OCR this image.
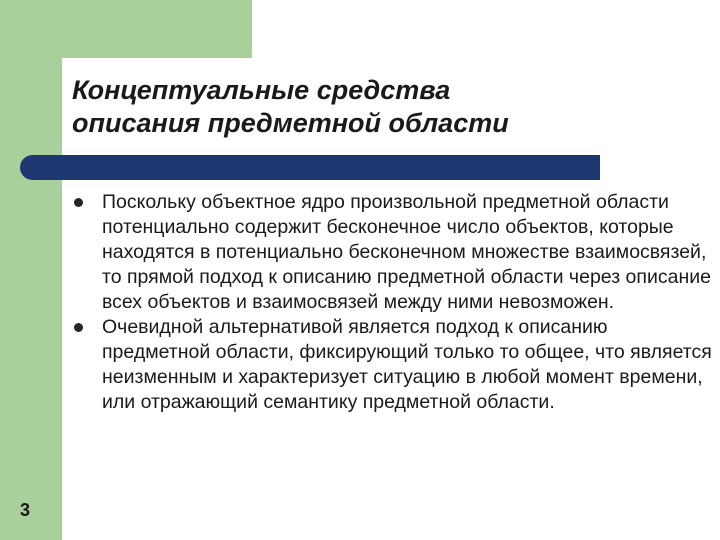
Концептуальные средства
описания предметной области
Поскольку объектное ядро произвольной предметной области потенциально содержит бесконечное число объектов, которые находятся в потенциально бесконечном множестве взаимосвязей, то прямой подход к описанию предметной области через описание всех объектов и взаимосвязей между ними невозможен.
Очевидной альтернативой является подход к описанию предметной области, фиксирующий только то общее, что является неизменным и характеризует ситуацию в любой момент времени, или отражающий семантику предметной области.
3
